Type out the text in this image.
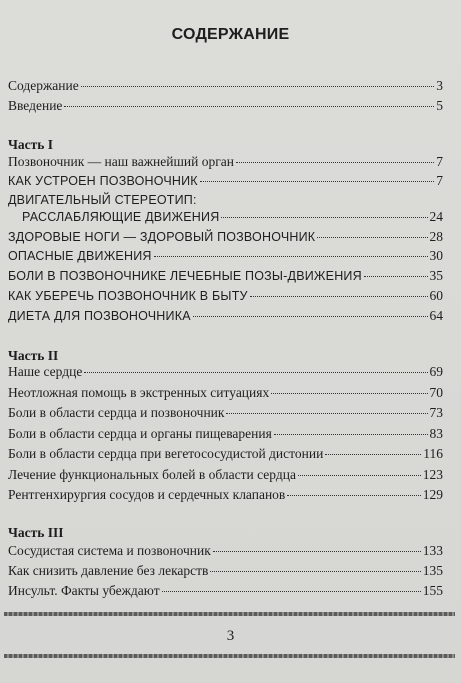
СОДЕРЖАНИЕ
Содержание	3
Введение	5
Часть I
Позвоночник — наш важнейший орган	7
КАК УСТРОЕН ПОЗВОНОЧНИК	7
ДВИГАТЕЛЬНЫЙ СТЕРЕОТИП:
РАССЛАБЛЯЮЩИЕ ДВИЖЕНИЯ	24
ЗДОРОВЫЕ НОГИ — ЗДОРОВЫЙ ПОЗВОНОЧНИК	28
ОПАСНЫЕ ДВИЖЕНИЯ	30
БОЛИ В ПОЗВОНОЧНИКЕ ЛЕЧЕБНЫЕ ПОЗЫ-ДВИЖЕНИЯ	35
КАК УБЕРЕЧЬ ПОЗВОНОЧНИК В БЫТУ	60
ДИЕТА ДЛЯ ПОЗВОНОЧНИКА	64
Часть II
Наше сердце	69
Неотложная помощь в экстренных ситуациях	70
Боли в области сердца и позвоночник	73
Боли в области сердца и органы пищеварения	83
Боли в области сердца при вегетососудистой дистонии	116
Лечение функциональных болей в области сердца	123
Рентгенхирургия сосудов и сердечных клапанов	129
Часть III
Сосудистая система и позвоночник	133
Как снизить давление без лекарств	135
Инсульт. Факты убеждают	155
3
